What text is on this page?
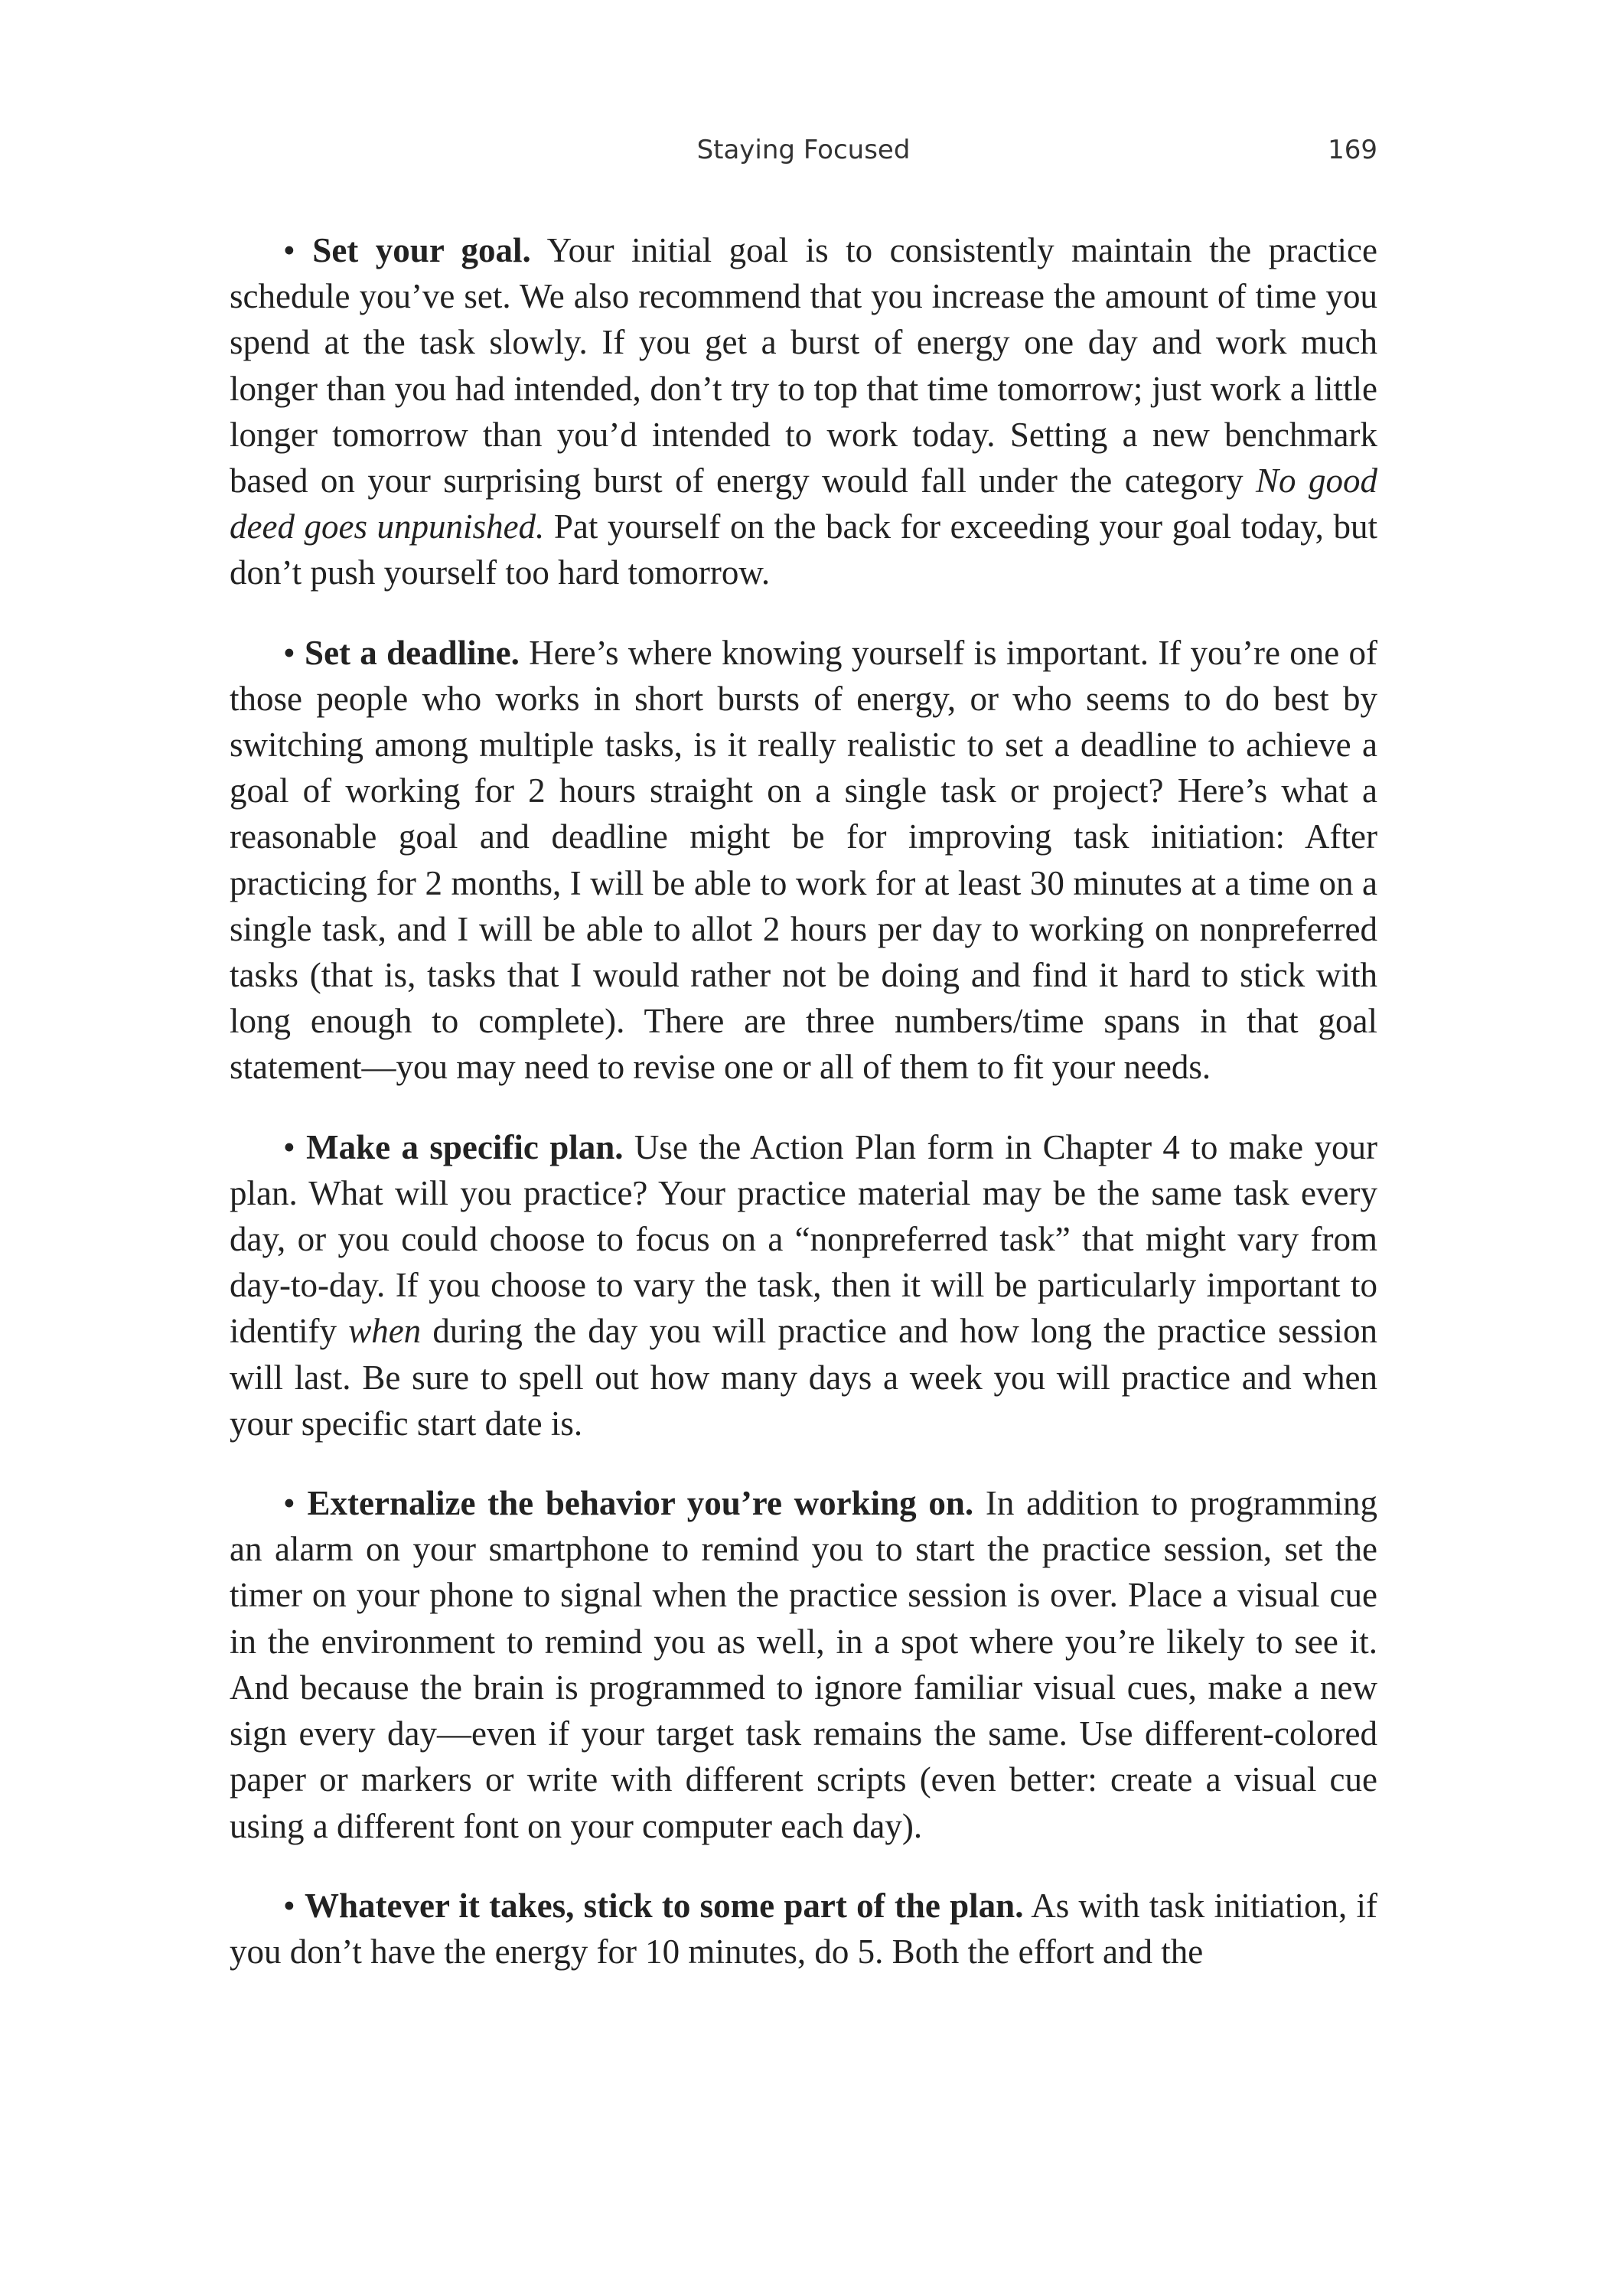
Staying Focused	169

• Set your goal. Your initial goal is to consistently maintain the practice schedule you’ve set. We also recommend that you increase the amount of time you spend at the task slowly. If you get a burst of energy one day and work much longer than you had intended, don’t try to top that time tomorrow; just work a little longer tomorrow than you’d intended to work today. Setting a new benchmark based on your surprising burst of energy would fall under the category No good deed goes unpunished. Pat yourself on the back for exceeding your goal today, but don’t push yourself too hard tomorrow.

• Set a deadline. Here’s where knowing yourself is important. If you’re one of those people who works in short bursts of energy, or who seems to do best by switching among multiple tasks, is it really realistic to set a deadline to achieve a goal of working for 2 hours straight on a single task or project? Here’s what a reasonable goal and deadline might be for improving task initiation: After practicing for 2 months, I will be able to work for at least 30 minutes at a time on a single task, and I will be able to allot 2 hours per day to working on nonpreferred tasks (that is, tasks that I would rather not be doing and find it hard to stick with long enough to complete). There are three numbers/time spans in that goal statement—you may need to revise one or all of them to fit your needs.

• Make a specific plan. Use the Action Plan form in Chapter 4 to make your plan. What will you practice? Your practice material may be the same task every day, or you could choose to focus on a “nonpreferred task” that might vary from day-to-day. If you choose to vary the task, then it will be particularly important to identify when during the day you will practice and how long the practice session will last. Be sure to spell out how many days a week you will practice and when your specific start date is.

• Externalize the behavior you’re working on. In addition to programming an alarm on your smartphone to remind you to start the practice session, set the timer on your phone to signal when the practice session is over. Place a visual cue in the environment to remind you as well, in a spot where you’re likely to see it. And because the brain is programmed to ignore familiar visual cues, make a new sign every day—even if your target task remains the same. Use different-colored paper or markers or write with different scripts (even better: create a visual cue using a different font on your computer each day).

• Whatever it takes, stick to some part of the plan. As with task initiation, if you don’t have the energy for 10 minutes, do 5. Both the effort and the
